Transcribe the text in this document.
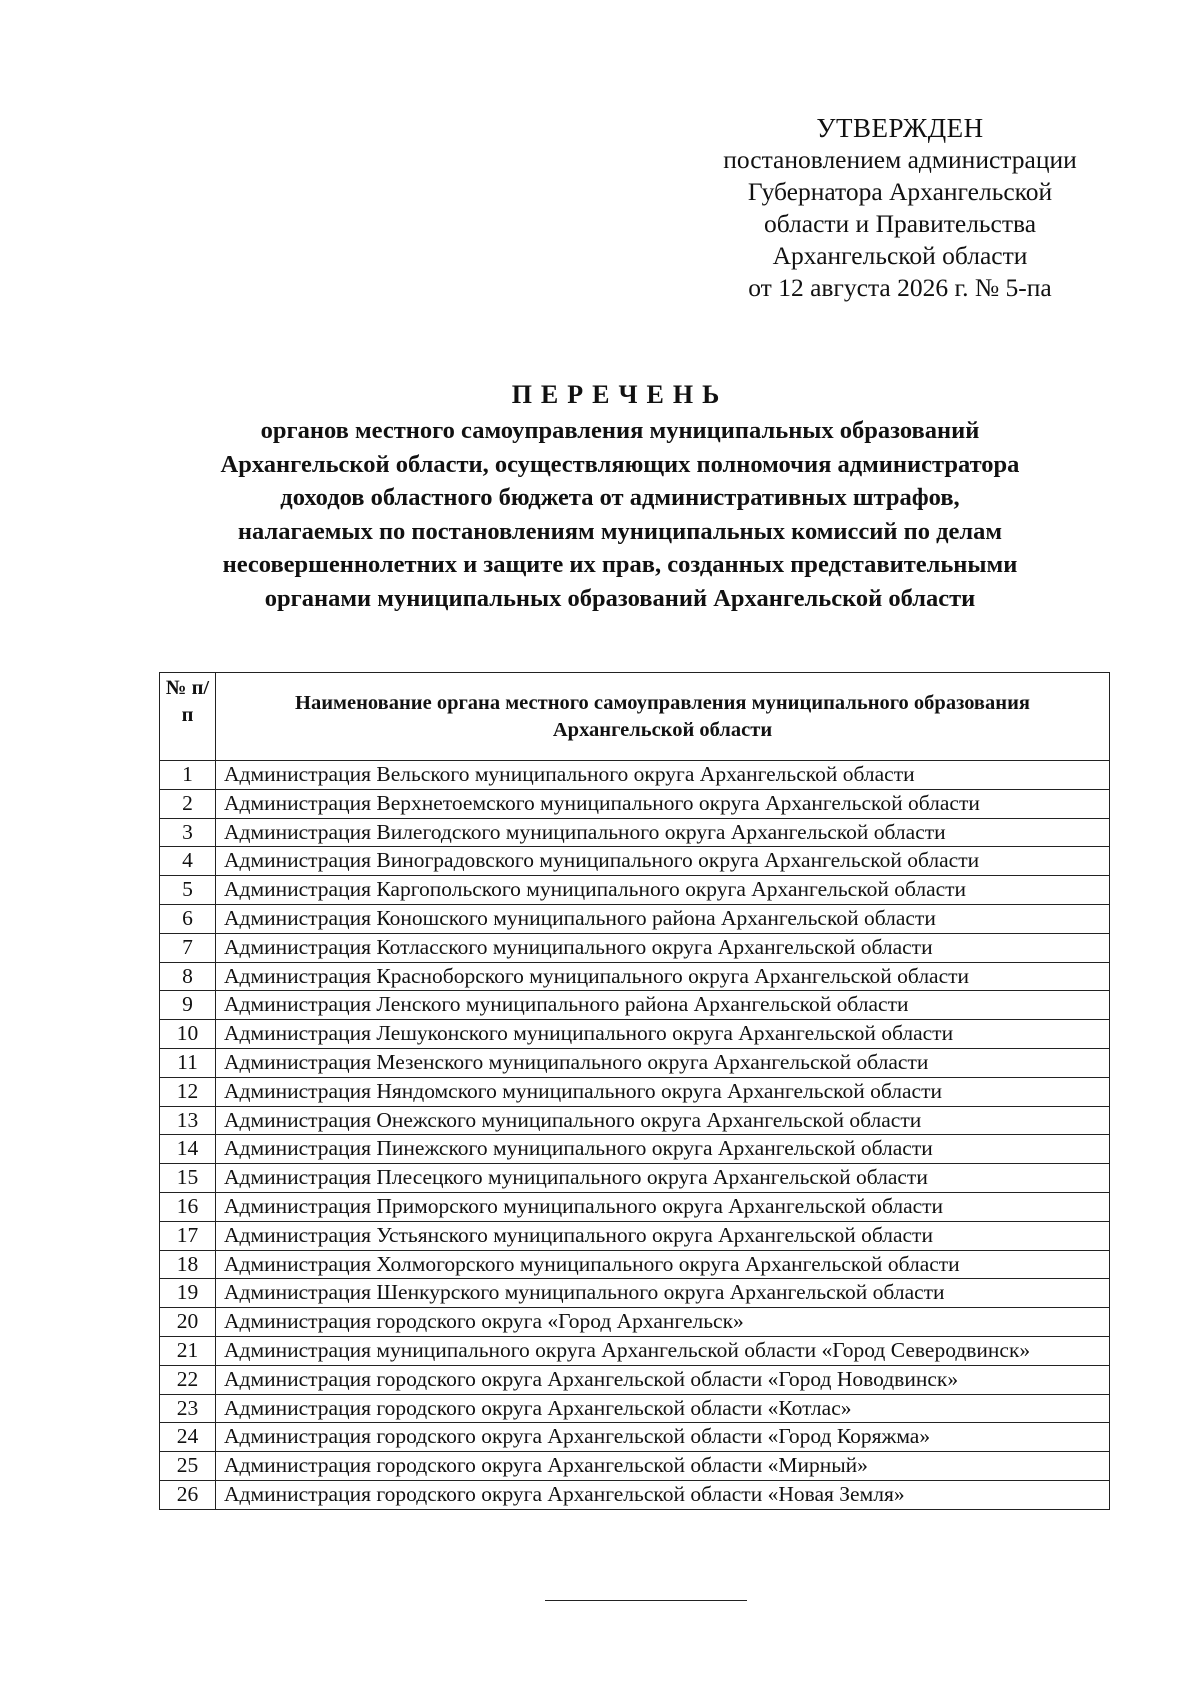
УТВЕРЖДЕН
постановлением администрации
Губернатора Архангельской
области и Правительства
Архангельской области
от 12 августа 2026 г. № 5-па
ПЕРЕЧЕНЬ
органов местного самоуправления муниципальных образований
Архангельской области, осуществляющих полномочия администратора
доходов областного бюджета от административных штрафов,
налагаемых по постановлениям муниципальных комиссий по делам
несовершеннолетних и защите их прав, созданных представительными
органами муниципальных образований Архангельской области
№ п/ п	Наименование органа местного самоуправления муниципального образования Архангельской области
1	Администрация Вельского муниципального округа Архангельской области
2	Администрация Верхнетоемского муниципального округа Архангельской области
3	Администрация Вилегодского муниципального округа Архангельской области
4	Администрация Виноградовского муниципального округа Архангельской области
5	Администрация Каргопольского муниципального округа Архангельской области
6	Администрация Коношского муниципального района Архангельской области
7	Администрация Котласского муниципального округа Архангельской области
8	Администрация Красноборского муниципального округа Архангельской области
9	Администрация Ленского муниципального района Архангельской области
10	Администрация Лешуконского муниципального округа Архангельской области
11	Администрация Мезенского муниципального округа Архангельской области
12	Администрация Няндомского муниципального округа Архангельской области
13	Администрация Онежского муниципального округа Архангельской области
14	Администрация Пинежского муниципального округа Архангельской области
15	Администрация Плесецкого муниципального округа Архангельской области
16	Администрация Приморского муниципального округа Архангельской области
17	Администрация Устьянского муниципального округа Архангельской области
18	Администрация Холмогорского муниципального округа Архангельской области
19	Администрация Шенкурского муниципального округа Архангельской области
20	Администрация городского округа «Город Архангельск»
21	Администрация муниципального округа Архангельской области «Город Северодвинск»
22	Администрация городского округа Архангельской области «Город Новодвинск»
23	Администрация городского округа Архангельской области «Котлас»
24	Администрация городского округа Архангельской области «Город Коряжма»
25	Администрация городского округа Архангельской области «Мирный»
26	Администрация городского округа Архангельской области «Новая Земля»
